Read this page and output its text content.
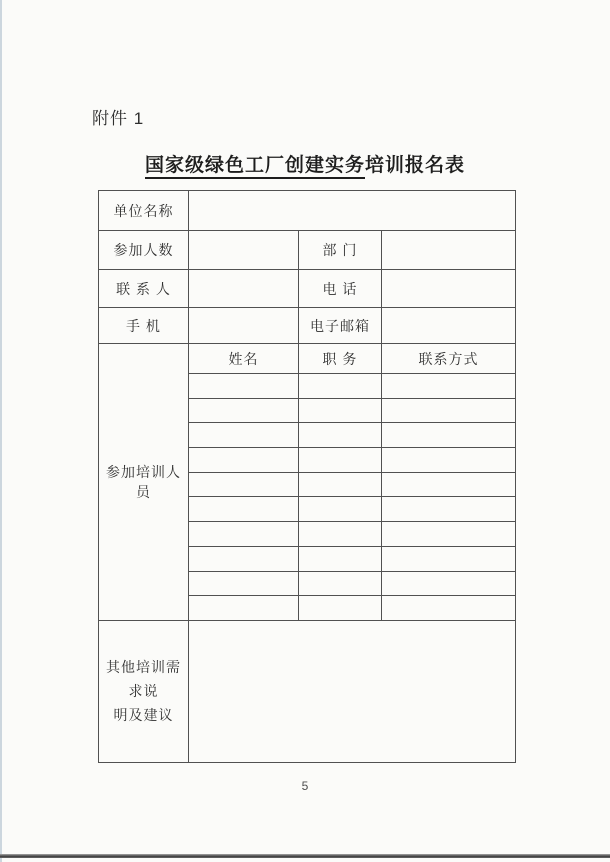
附件 1
国家级绿色工厂创建实务培训报名表
单位名称			
参加人数		部 门	
联 系 人		电 话	
手 机		电子邮箱	
参加培训人员	姓名	职 务	联系方式

其他培训需求说
明及建议			

5
